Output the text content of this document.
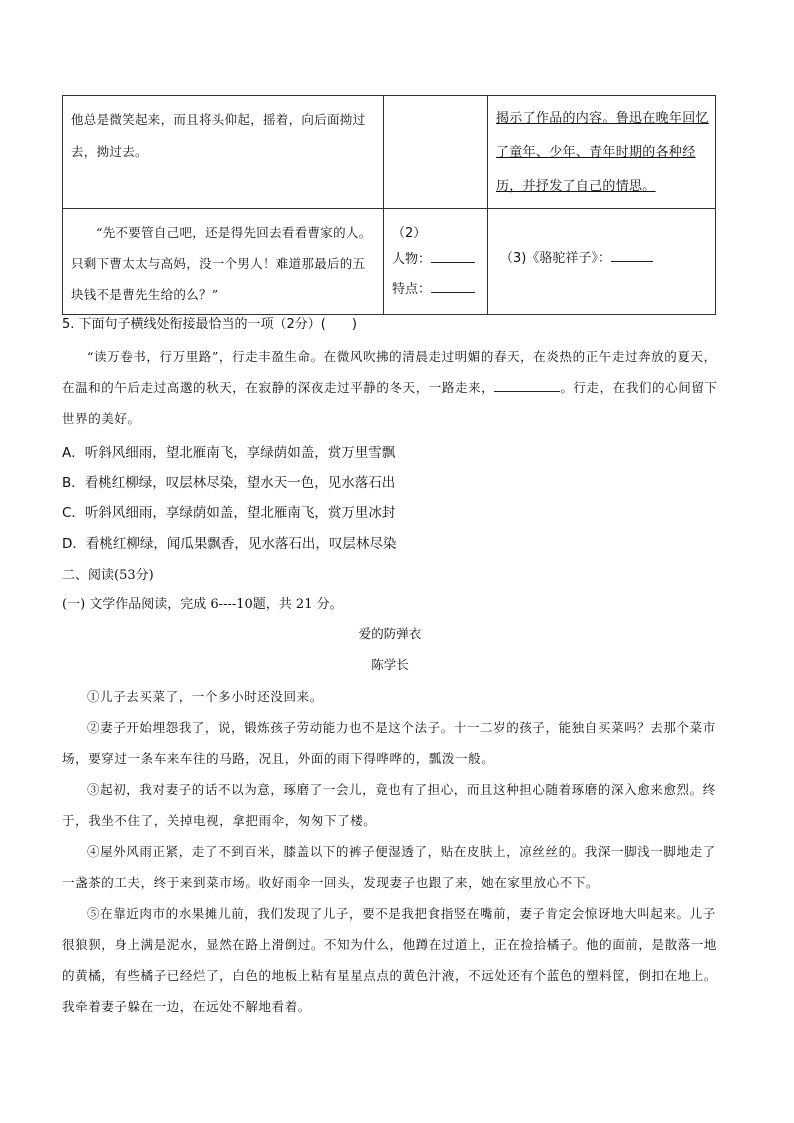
他总是微笑起来，而且将头仰起，摇着，向后面拗过去，拗过去。		揭示了作品的内容。鲁迅在晚年回忆了童年、少年、青年时期的各种经历，并抒发了自己的情思。

“先不要管自己吧，还是得先回去看看曹家的人。只剩下曹太太与高妈，没一个男人！难道那最后的五块钱不是曹先生给的么？”	（2）
人物：
特点：	（3)《骆驼祥子》：
5. 下面句子横线处衔接最恰当的一项（2分）(　　)
“读万卷书，行万里路”，行走丰盈生命。在微风吹拂的清晨走过明媚的春天，在炎热的正午走过奔放的夏天，在温和的午后走过高邈的秋天，在寂静的深夜走过平静的冬天，一路走来，	。行走，在我们的心间留下世界的美好。
A．听斜风细雨，望北雁南飞，享绿荫如盖，赏万里雪飘
B．看桃红柳绿，叹层林尽染，望水天一色，见水落石出
C．听斜风细雨，享绿荫如盖，望北雁南飞，赏万里冰封
D．看桃红柳绿，闻瓜果飘香，见水落石出，叹层林尽染
二、阅读(53分)
(一) 文学作品阅读，完成 6----10题，共 21 分。
爱的防弹衣
陈学长
①儿子去买菜了，一个多小时还没回来。
②妻子开始埋怨我了，说，锻炼孩子劳动能力也不是这个法子。十一二岁的孩子，能独自买菜吗？去那个菜市场，要穿过一条车来车往的马路，况且，外面的雨下得哗哗的，瓢泼一般。
③起初，我对妻子的话不以为意，琢磨了一会儿，竟也有了担心，而且这种担心随着琢磨的深入愈来愈烈。终于，我坐不住了，关掉电视，拿把雨伞，匆匆下了楼。
④屋外风雨正紧，走了不到百米，膝盖以下的裤子便湿透了，贴在皮肤上，凉丝丝的。我深一脚浅一脚地走了一盏茶的工夫，终于来到菜市场。收好雨伞一回头，发现妻子也跟了来，她在家里放心不下。
⑤在靠近肉市的水果摊儿前，我们发现了儿子，要不是我把食指竖在嘴前，妻子肯定会惊讶地大叫起来。儿子很狼狈，身上满是泥水，显然在路上滑倒过。不知为什么，他蹲在过道上，正在捡拾橘子。他的面前，是散落一地的黄橘，有些橘子已经烂了，白色的地板上粘有星星点点的黄色汁液，不远处还有个蓝色的塑料筐，倒扣在地上。我牵着妻子躲在一边，在远处不解地看着。
